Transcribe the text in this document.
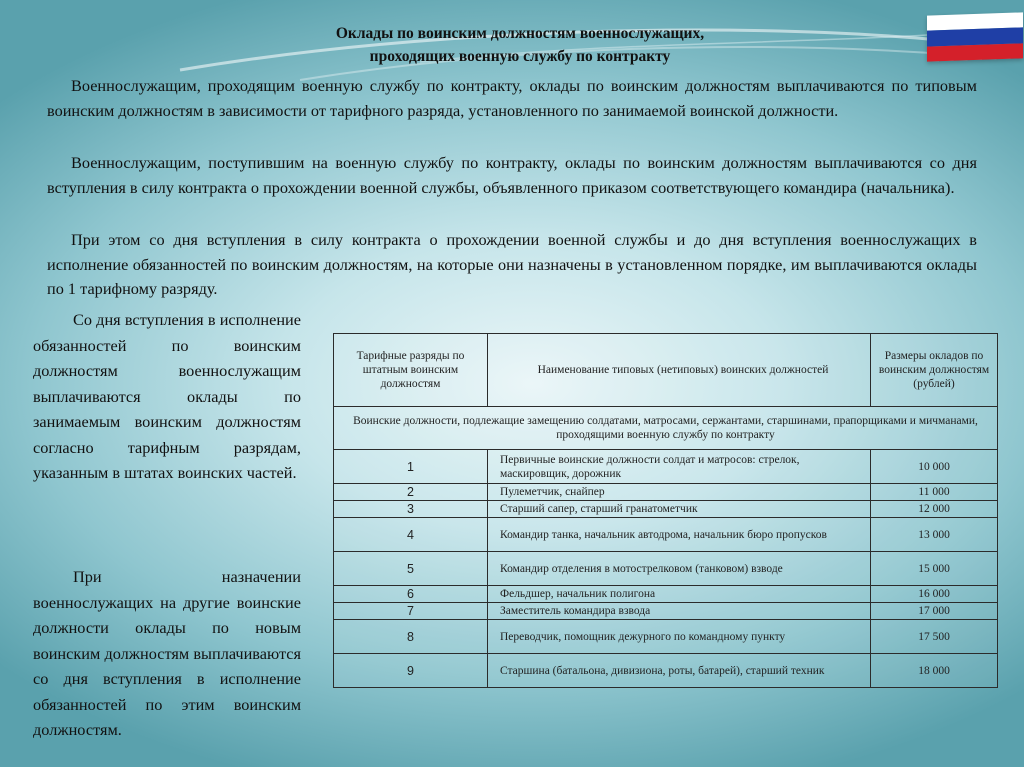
Оклады по воинским должностям военнослужащих,
проходящих военную службу по контракту

Военнослужащим, проходящим военную службу по контракту, оклады по воинским должностям выплачиваются по типовым воинским должностям в зависимости от тарифного разряда, установленного по занимаемой воинской должности.

Военнослужащим, поступившим на военную службу по контракту, оклады по воинским должностям выплачиваются со дня вступления в силу контракта о прохождении военной службы, объявленного приказом соответствующего командира (начальника).

При этом со дня вступления в силу контракта о прохождении военной службы и до дня вступления военнослужащих в исполнение обязанностей по воинским должностям, на которые они назначены в установленном порядке, им выплачиваются оклады по 1 тарифному разряду.

Со дня вступления в исполнение обязанностей по воинским должностям военнослужащим выплачиваются оклады по занимаемым воинским должностям согласно тарифным разрядам, указанным в штатах воинских частей.

При назначении военнослужащих на другие воинские должности оклады по новым воинским должностям выплачиваются со дня вступления в исполнение обязанностей по этим воинским должностям.

Тарифные разряды по штатным воинским должностям	Наименование типовых (нетиповых) воинских должностей	Размеры окладов по воинским должностям (рублей)
Воинские должности, подлежащие замещению солдатами, матросами, сержантами, старшинами, прапорщиками и мичманами, проходящими военную службу по контракту		
1	Первичные воинские должности солдат и матросов: стрелок, маскировщик, дорожник	10 000
2	Пулеметчик, снайпер	11 000
3	Старший сапер, старший гранатометчик	12 000
4	Командир танка, начальник автодрома, начальник бюро пропусков	13 000
5	Командир отделения в мотострелковом (танковом) взводе	15 000
6	Фельдшер, начальник полигона	16 000
7	Заместитель командира взвода	17 000
8	Переводчик, помощник дежурного по командному пункту	17 500
9	Старшина (батальона, дивизиона, роты, батарей), старший техник	18 000
